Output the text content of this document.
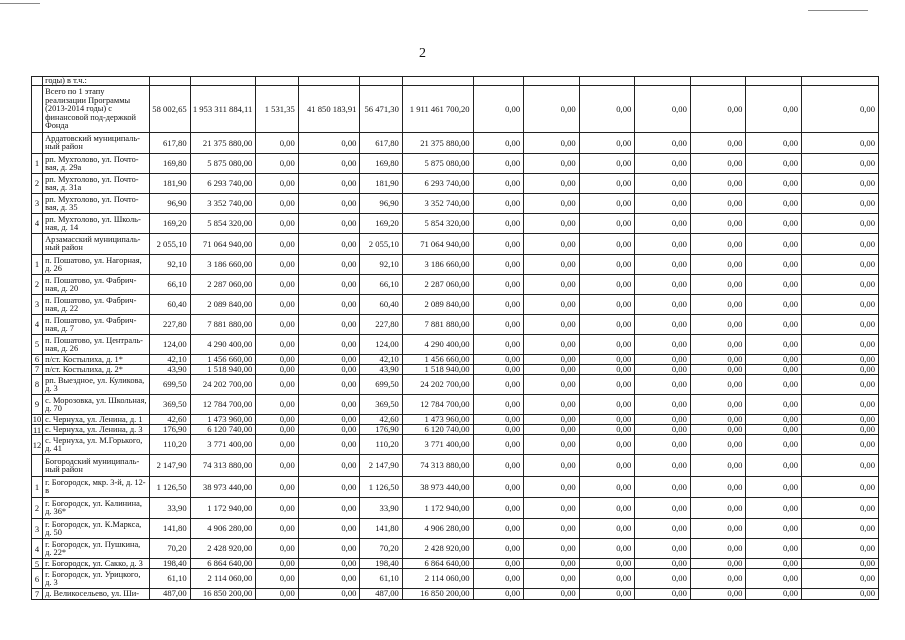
2
	годы) в т.ч.:													
	Всего по 1 этапу реализации Программы (2013-2014 годы) с финансовой под-держкой Фонда	58 002,65	1 953 311 884,11	1 531,35	41 850 183,91	56 471,30	1 911 461 700,20	0,00	0,00	0,00	0,00	0,00	0,00	0,00
	Ардатовский муниципаль-ный район	617,80	21 375 880,00	0,00	0,00	617,80	21 375 880,00	0,00	0,00	0,00	0,00	0,00	0,00	0,00
1	рп. Мухтолово, ул. Почто-вая, д. 29а	169,80	5 875 080,00	0,00	0,00	169,80	5 875 080,00	0,00	0,00	0,00	0,00	0,00	0,00	0,00
2	рп. Мухтолово, ул. Почто-вая, д. 31а	181,90	6 293 740,00	0,00	0,00	181,90	6 293 740,00	0,00	0,00	0,00	0,00	0,00	0,00	0,00
3	рп. Мухтолово, ул. Почто-вая, д. 35	96,90	3 352 740,00	0,00	0,00	96,90	3 352 740,00	0,00	0,00	0,00	0,00	0,00	0,00	0,00
4	рп. Мухтолово, ул. Школь-ная, д. 14	169,20	5 854 320,00	0,00	0,00	169,20	5 854 320,00	0,00	0,00	0,00	0,00	0,00	0,00	0,00
	Арзамасский муниципаль-ный район	2 055,10	71 064 940,00	0,00	0,00	2 055,10	71 064 940,00	0,00	0,00	0,00	0,00	0,00	0,00	0,00
1	п. Пошатово, ул. Нагорная, д. 26	92,10	3 186 660,00	0,00	0,00	92,10	3 186 660,00	0,00	0,00	0,00	0,00	0,00	0,00	0,00
2	п. Пошатово, ул. Фабрич-ная, д. 20	66,10	2 287 060,00	0,00	0,00	66,10	2 287 060,00	0,00	0,00	0,00	0,00	0,00	0,00	0,00
3	п. Пошатово, ул. Фабрич-ная, д. 22	60,40	2 089 840,00	0,00	0,00	60,40	2 089 840,00	0,00	0,00	0,00	0,00	0,00	0,00	0,00
4	п. Пошатово, ул. Фабрич-ная, д. 7	227,80	7 881 880,00	0,00	0,00	227,80	7 881 880,00	0,00	0,00	0,00	0,00	0,00	0,00	0,00
5	п. Пошатово, ул. Централь-ная, д. 26	124,00	4 290 400,00	0,00	0,00	124,00	4 290 400,00	0,00	0,00	0,00	0,00	0,00	0,00	0,00
6	п/ст. Костылиха, д. 1*	42,10	1 456 660,00	0,00	0,00	42,10	1 456 660,00	0,00	0,00	0,00	0,00	0,00	0,00	0,00
7	п/ст. Костылиха, д. 2*	43,90	1 518 940,00	0,00	0,00	43,90	1 518 940,00	0,00	0,00	0,00	0,00	0,00	0,00	0,00
8	рп. Выездное, ул. Куликова, д. 3	699,50	24 202 700,00	0,00	0,00	699,50	24 202 700,00	0,00	0,00	0,00	0,00	0,00	0,00	0,00
9	с. Морозовка, ул. Школьная, д. 70	369,50	12 784 700,00	0,00	0,00	369,50	12 784 700,00	0,00	0,00	0,00	0,00	0,00	0,00	0,00
10	с. Чернуха, ул. Ленина, д. 1	42,60	1 473 960,00	0,00	0,00	42,60	1 473 960,00	0,00	0,00	0,00	0,00	0,00	0,00	0,00
11	с. Чернуха, ул. Ленина, д. 3	176,90	6 120 740,00	0,00	0,00	176,90	6 120 740,00	0,00	0,00	0,00	0,00	0,00	0,00	0,00
12	с. Чернуха, ул. М.Горького, д. 41	110,20	3 771 400,00	0,00	0,00	110,20	3 771 400,00	0,00	0,00	0,00	0,00	0,00	0,00	0,00
	Богородский муниципаль-ный район	2 147,90	74 313 880,00	0,00	0,00	2 147,90	74 313 880,00	0,00	0,00	0,00	0,00	0,00	0,00	0,00
1	г. Богородск, мкр. 3-й, д. 12-в	1 126,50	38 973 440,00	0,00	0,00	1 126,50	38 973 440,00	0,00	0,00	0,00	0,00	0,00	0,00	0,00
2	г. Богородск, ул. Калинина, д. 36*	33,90	1 172 940,00	0,00	0,00	33,90	1 172 940,00	0,00	0,00	0,00	0,00	0,00	0,00	0,00
3	г. Богородск, ул. К.Маркса, д. 50	141,80	4 906 280,00	0,00	0,00	141,80	4 906 280,00	0,00	0,00	0,00	0,00	0,00	0,00	0,00
4	г. Богородск, ул. Пушкина, д. 22*	70,20	2 428 920,00	0,00	0,00	70,20	2 428 920,00	0,00	0,00	0,00	0,00	0,00	0,00	0,00
5	г. Богородск, ул. Сакко, д. 3	198,40	6 864 640,00	0,00	0,00	198,40	6 864 640,00	0,00	0,00	0,00	0,00	0,00	0,00	0,00
6	г. Богородск, ул. Урицкого, д. 3	61,10	2 114 060,00	0,00	0,00	61,10	2 114 060,00	0,00	0,00	0,00	0,00	0,00	0,00	0,00
7	д. Великосельево, ул. Ши-	487,00	16 850 200,00	0,00	0,00	487,00	16 850 200,00	0,00	0,00	0,00	0,00	0,00	0,00	0,00
